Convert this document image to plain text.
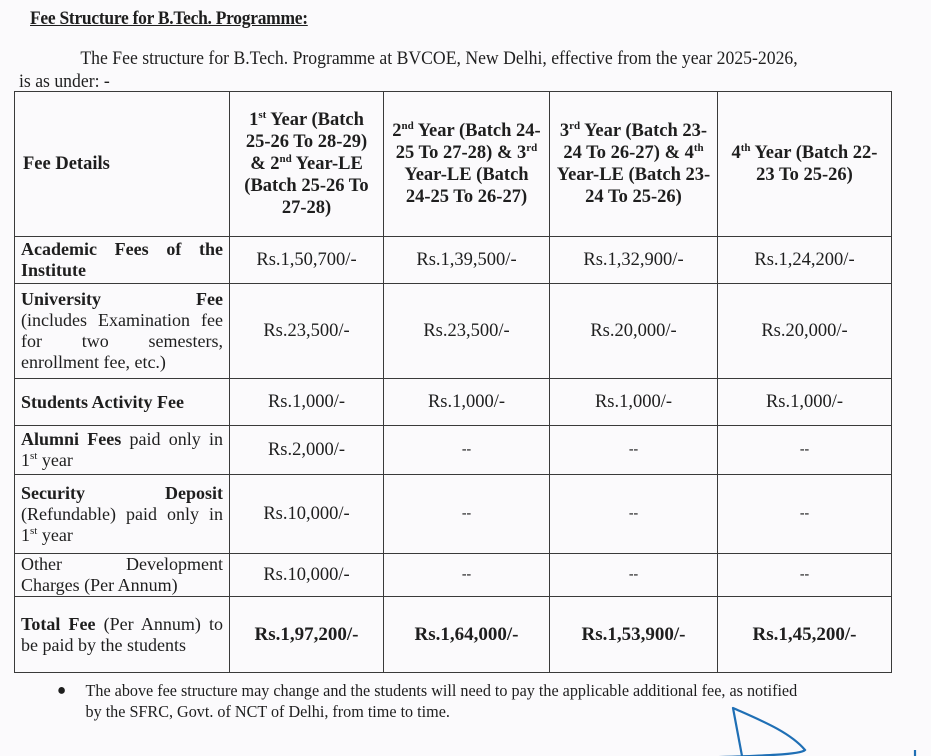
Fee Structure for B.Tech. Programme:
The Fee structure for B.Tech. Programme at BVCOE, New Delhi, effective from the year 2025-2026, is as under: -
Fee Details	1st Year (Batch 25-26 To 28-29) & 2nd Year-LE (Batch 25-26 To 27-28)	2nd Year (Batch 24-25 To 27-28) & 3rd Year-LE (Batch 24-25 To 26-27)	3rd Year (Batch 23-24 To 26-27) & 4th Year-LE (Batch 23-24 To 25-26)	4th Year (Batch 22-23 To 25-26)
Academic Fees of the Institute	Rs.1,50,700/-	Rs.1,39,500/-	Rs.1,32,900/-	Rs.1,24,200/-

University Fee
(includes Examination fee for two semesters, enrollment fee, etc.)	Rs.23,500/-	Rs.23,500/-	Rs.20,000/-	Rs.20,000/-
Students Activity Fee	Rs.1,000/-	Rs.1,000/-	Rs.1,000/-	Rs.1,000/-
Alumni Fees paid only in 1st year	Rs.2,000/-	--	--	--

Security Deposit
(Refundable) paid only in 1st year	Rs.10,000/-	--	--	--
Other Development Charges (Per Annum)	Rs.10,000/-	--	--	--
Total Fee (Per Annum) to be paid by the students	Rs.1,97,200/-	Rs.1,64,000/-	Rs.1,53,900/-	Rs.1,45,200/-
● The above fee structure may change and the students will need to pay the applicable additional fee, as notified by the SFRC, Govt. of NCT of Delhi, from time to time.
